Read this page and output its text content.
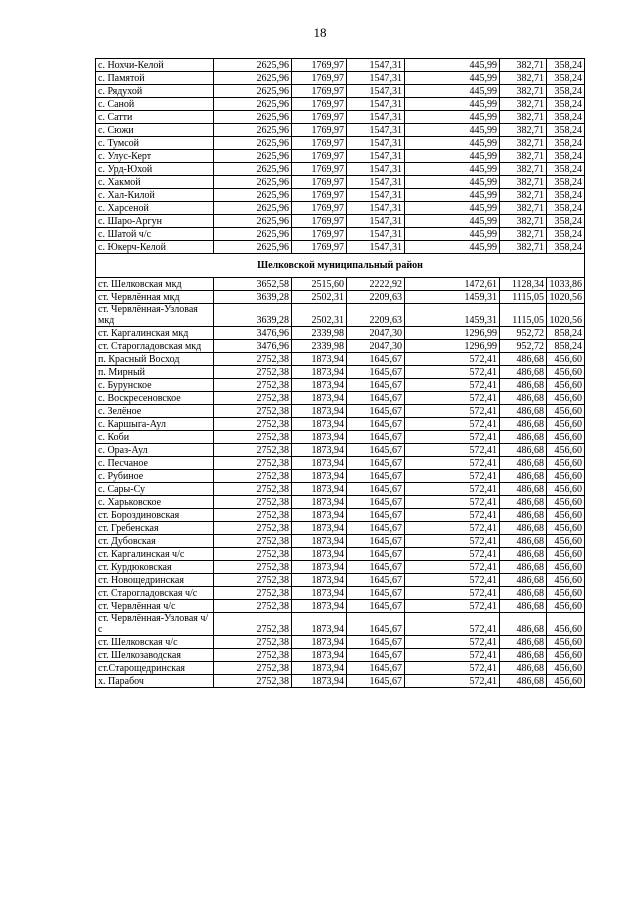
18
с. Нохчи-Келой	2625,96	1769,97	1547,31	445,99	382,71	358,24
с. Памятой	2625,96	1769,97	1547,31	445,99	382,71	358,24
с. Рядухой	2625,96	1769,97	1547,31	445,99	382,71	358,24
с. Саной	2625,96	1769,97	1547,31	445,99	382,71	358,24
с. Сатти	2625,96	1769,97	1547,31	445,99	382,71	358,24
с. Сюжи	2625,96	1769,97	1547,31	445,99	382,71	358,24
с. Тумсой	2625,96	1769,97	1547,31	445,99	382,71	358,24
с. Улус-Керт	2625,96	1769,97	1547,31	445,99	382,71	358,24
с. Урд-Юхой	2625,96	1769,97	1547,31	445,99	382,71	358,24
с. Хакмой	2625,96	1769,97	1547,31	445,99	382,71	358,24
с. Хал-Килой	2625,96	1769,97	1547,31	445,99	382,71	358,24
с. Харсеной	2625,96	1769,97	1547,31	445,99	382,71	358,24
с. Шаро-Аргун	2625,96	1769,97	1547,31	445,99	382,71	358,24
с. Шатой ч/с	2625,96	1769,97	1547,31	445,99	382,71	358,24
с. Юкерч-Келой	2625,96	1769,97	1547,31	445,99	382,71	358,24
Шелковской муниципальный район						
ст. Шелковская мкд	3652,58	2515,60	2222,92	1472,61	1128,34	1033,86
ст. Червлённая мкд	3639,28	2502,31	2209,63	1459,31	1115,05	1020,56
ст. Червлённая-Узловая мкд	3639,28	2502,31	2209,63	1459,31	1115,05	1020,56
ст. Каргалинская мкд	3476,96	2339,98	2047,30	1296,99	952,72	858,24
ст. Староглaдовская мкд	3476,96	2339,98	2047,30	1296,99	952,72	858,24
п. Красный Восход	2752,38	1873,94	1645,67	572,41	486,68	456,60
п. Мирный	2752,38	1873,94	1645,67	572,41	486,68	456,60
с. Бурунское	2752,38	1873,94	1645,67	572,41	486,68	456,60
с. Воскресеновское	2752,38	1873,94	1645,67	572,41	486,68	456,60
с. Зелёное	2752,38	1873,94	1645,67	572,41	486,68	456,60
с. Каршыга-Аул	2752,38	1873,94	1645,67	572,41	486,68	456,60
с. Коби	2752,38	1873,94	1645,67	572,41	486,68	456,60
с. Ораз-Аул	2752,38	1873,94	1645,67	572,41	486,68	456,60
с. Песчаное	2752,38	1873,94	1645,67	572,41	486,68	456,60
с. Рубиное	2752,38	1873,94	1645,67	572,41	486,68	456,60
с. Сары-Су	2752,38	1873,94	1645,67	572,41	486,68	456,60
с. Харьковское	2752,38	1873,94	1645,67	572,41	486,68	456,60
ст. Бороздиновская	2752,38	1873,94	1645,67	572,41	486,68	456,60
ст. Гребенская	2752,38	1873,94	1645,67	572,41	486,68	456,60
ст. Дубовская	2752,38	1873,94	1645,67	572,41	486,68	456,60
ст. Каргалинская ч/с	2752,38	1873,94	1645,67	572,41	486,68	456,60
ст. Курдюковская	2752,38	1873,94	1645,67	572,41	486,68	456,60
ст. Новощедринская	2752,38	1873,94	1645,67	572,41	486,68	456,60
ст. Староглaдовская ч/с	2752,38	1873,94	1645,67	572,41	486,68	456,60
ст. Червлённая ч/с	2752,38	1873,94	1645,67	572,41	486,68	456,60
ст. Червлённая-Узловая ч/с	2752,38	1873,94	1645,67	572,41	486,68	456,60
ст. Шелковская ч/с	2752,38	1873,94	1645,67	572,41	486,68	456,60
ст. Шелкозаводская	2752,38	1873,94	1645,67	572,41	486,68	456,60
ст.Старощедринская	2752,38	1873,94	1645,67	572,41	486,68	456,60
х. Парабоч	2752,38	1873,94	1645,67	572,41	486,68	456,60
